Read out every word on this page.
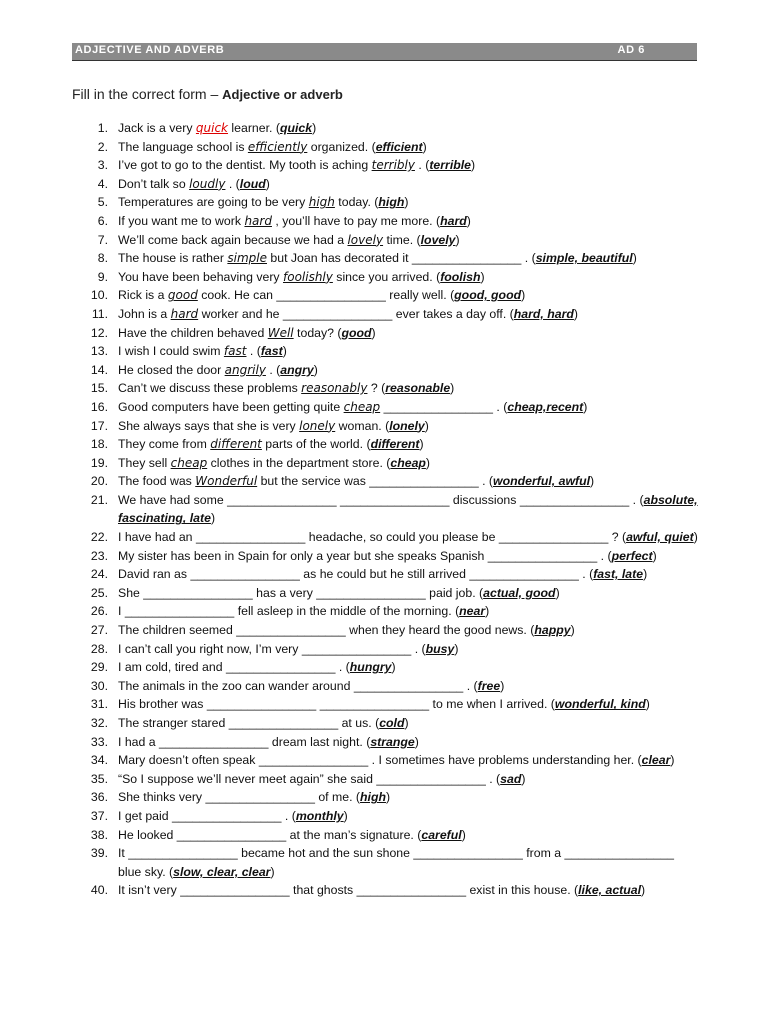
ADJECTIVE AND ADVERB	AD 6
Fill in the correct form – Adjective or adverb
1. Jack is a very quick learner. (quick)
2. The language school is efficiently organized. (efficient)
3. I’ve got to go to the dentist. My tooth is aching terribly . (terrible)
4. Don’t talk so loudly . (loud)
5. Temperatures are going to be very high today. (high)
6. If you want me to work hard , you’ll have to pay me more. (hard)
7. We’ll come back again because we had a lovely time. (lovely)
8. The house is rather simple but Joan has decorated it ________________ . (simple, beautiful)
9. You have been behaving very foolishly since you arrived. (foolish)
10. Rick is a good cook. He can ________________ really well. (good, good)
11. John is a hard worker and he ________________ ever takes a day off. (hard, hard)
12. Have the children behaved Well today? (good)
13. I wish I could swim fast . (fast)
14. He closed the door angrily . (angry)
15. Can’t we discuss these problems reasonably ? (reasonable)
16. Good computers have been getting quite cheap ________________ . (cheap,recent)
17. She always says that she is very lonely woman. (lonely)
18. They come from different parts of the world. (different)
19. They sell cheap clothes in the department store. (cheap)
20. The food was Wonderful but the service was ________________ . (wonderful, awful)
21. We have had some ________________ ________________ discussions ________________ . (absolute, fascinating, late)
22. I have had an ________________ headache, so could you please be ________________ ? (awful, quiet)
23. My sister has been in Spain for only a year but she speaks Spanish ________________ . (perfect)
24. David ran as ________________ as he could but he still arrived ________________ . (fast, late)
25. She ________________ has a very ________________ paid job. (actual, good)
26. I ________________ fell asleep in the middle of the morning. (near)
27. The children seemed ________________ when they heard the good news. (happy)
28. I can’t call you right now, I’m very ________________ . (busy)
29. I am cold, tired and ________________ . (hungry)
30. The animals in the zoo can wander around ________________ . (free)
31. His brother was ________________ ________________ to me when I arrived. (wonderful, kind)
32. The stranger stared ________________ at us. (cold)
33. I had a ________________ dream last night. (strange)
34. Mary doesn’t often speak ________________ . I sometimes have problems understanding her. (clear)
35. “So I suppose we’ll never meet again” she said ________________ . (sad)
36. She thinks very ________________ of me. (high)
37. I get paid ________________ . (monthly)
38. He looked ________________ at the man’s signature. (careful)
39. It ________________ became hot and the sun shone ________________ from a ________________ blue sky. (slow, clear, clear)
40. It isn’t very ________________ that ghosts ________________ exist in this house. (like, actual)
